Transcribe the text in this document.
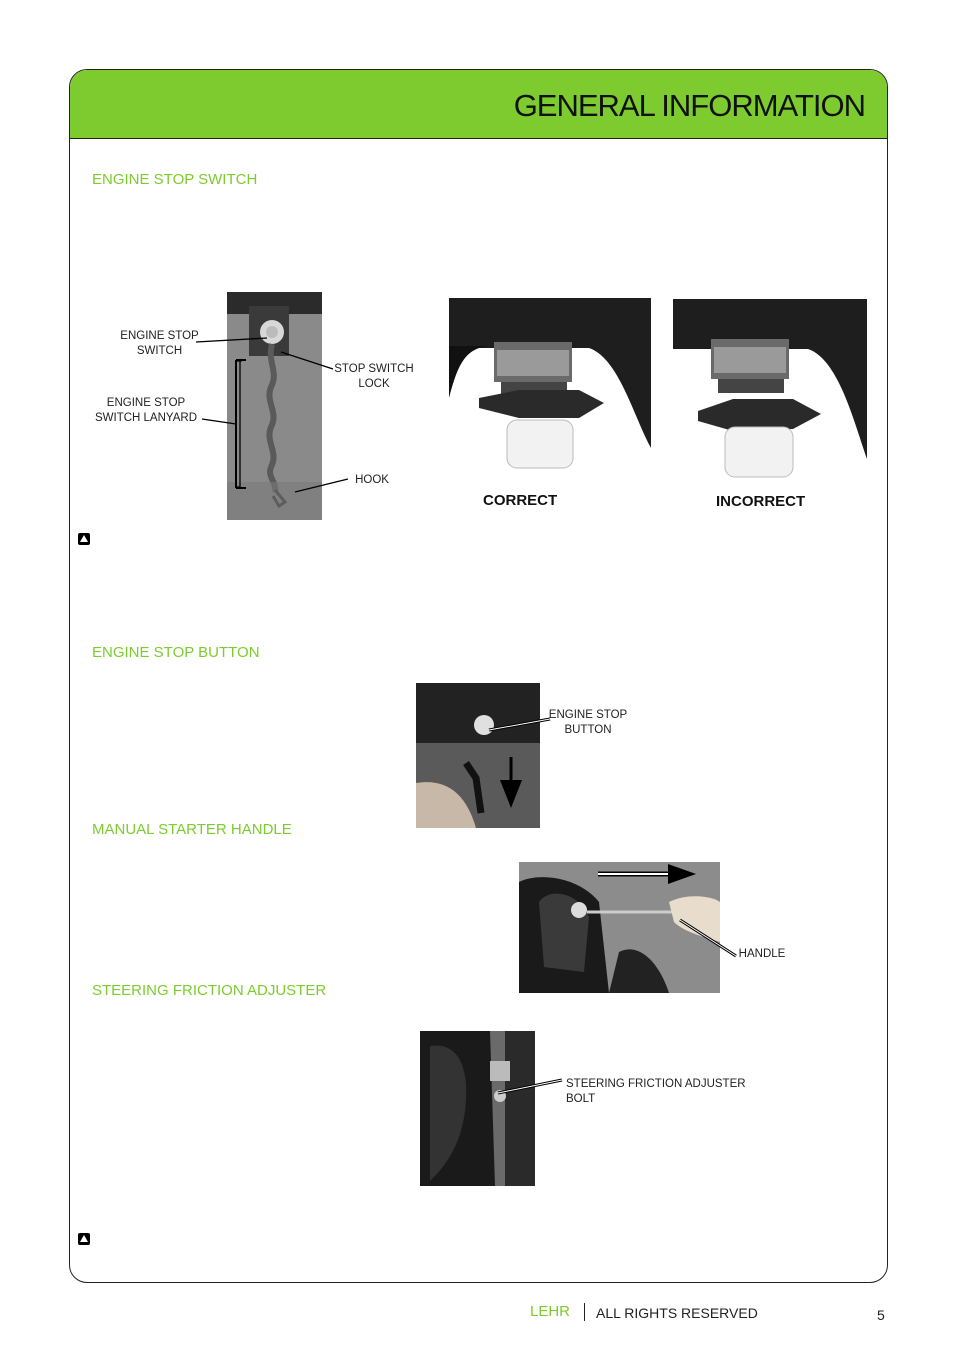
GENERAL INFORMATION
ENGINE STOP SWITCH
ENGINE STOP BUTTON
MANUAL STARTER HANDLE
STEERING FRICTION ADJUSTER
ENGINE STOP
SWITCH
ENGINE STOP
SWITCH LANYARD
STOP SWITCH
LOCK
HOOK
CORRECT	INCORRECT
ENGINE STOP
BUTTON
HANDLE
STEERING FRICTION ADJUSTER BOLT
LEHR ALL RIGHTS RESERVED	5
